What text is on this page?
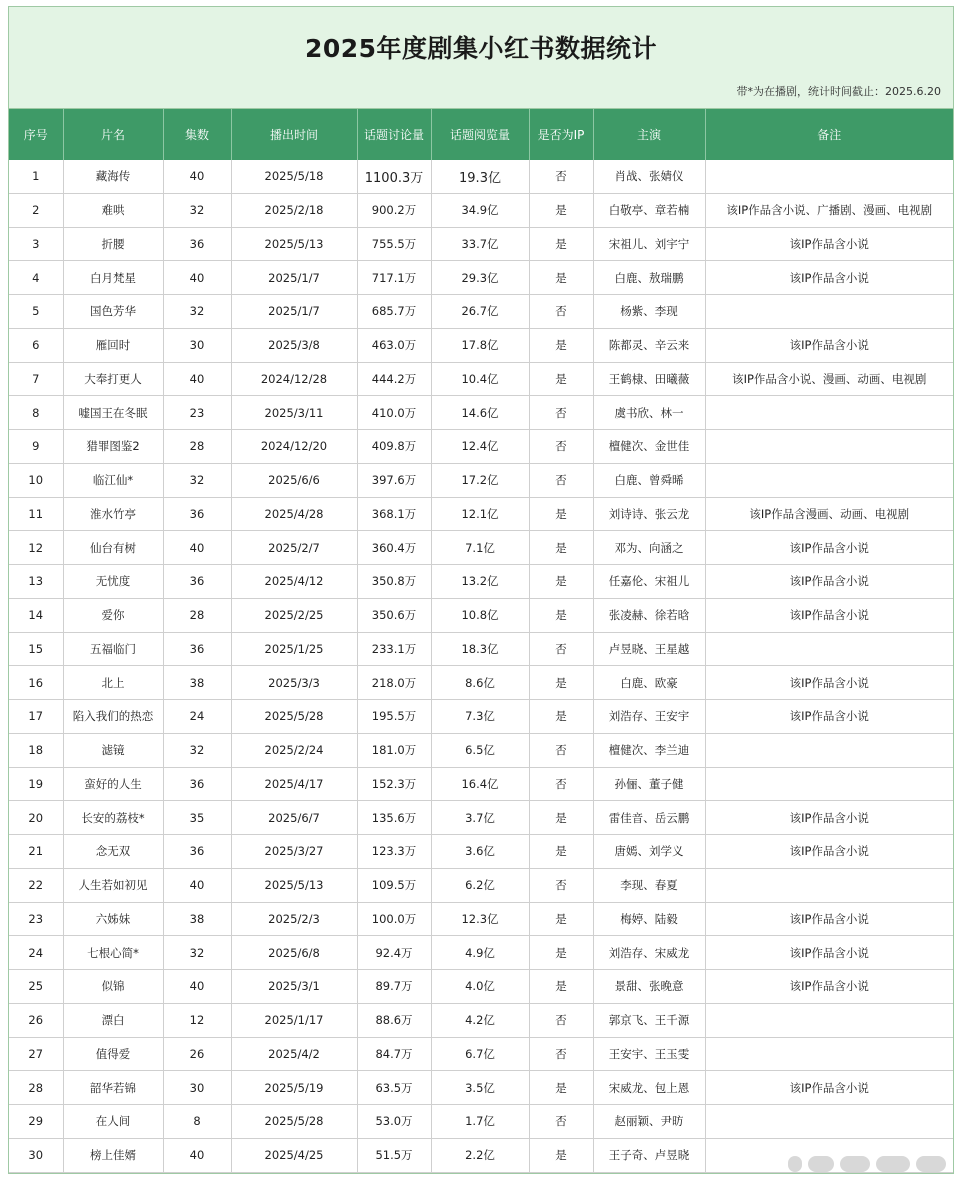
2025年度剧集小红书数据统计
带*为在播剧，统计时间截止：2025.6.20
序号	片名	集数	播出时间	话题讨论量	话题阅览量	是否为IP	主演	备注
1	藏海传	40	2025/5/18	1100.3万	19.3亿	否	肖战、张婧仪	
2	难哄	32	2025/2/18	900.2万	34.9亿	是	白敬亭、章若楠	该IP作品含小说、广播剧、漫画、电视剧
3	折腰	36	2025/5/13	755.5万	33.7亿	是	宋祖儿、刘宇宁	该IP作品含小说
4	白月梵星	40	2025/1/7	717.1万	29.3亿	是	白鹿、敖瑞鹏	该IP作品含小说
5	国色芳华	32	2025/1/7	685.7万	26.7亿	否	杨紫、李现	
6	雁回时	30	2025/3/8	463.0万	17.8亿	是	陈都灵、辛云来	该IP作品含小说
7	大奉打更人	40	2024/12/28	444.2万	10.4亿	是	王鹤棣、田曦薇	该IP作品含小说、漫画、动画、电视剧
8	嘘国王在冬眠	23	2025/3/11	410.0万	14.6亿	否	虞书欣、林一	
9	猎罪图鉴2	28	2024/12/20	409.8万	12.4亿	否	檀健次、金世佳	
10	临江仙*	32	2025/6/6	397.6万	17.2亿	否	白鹿、曾舜晞	
11	淮水竹亭	36	2025/4/28	368.1万	12.1亿	是	刘诗诗、张云龙	该IP作品含漫画、动画、电视剧
12	仙台有树	40	2025/2/7	360.4万	7.1亿	是	邓为、向涵之	该IP作品含小说
13	无忧度	36	2025/4/12	350.8万	13.2亿	是	任嘉伦、宋祖儿	该IP作品含小说
14	爱你	28	2025/2/25	350.6万	10.8亿	是	张凌赫、徐若晗	该IP作品含小说
15	五福临门	36	2025/1/25	233.1万	18.3亿	否	卢昱晓、王星越	
16	北上	38	2025/3/3	218.0万	8.6亿	是	白鹿、欧豪	该IP作品含小说
17	陷入我们的热恋	24	2025/5/28	195.5万	7.3亿	是	刘浩存、王安宇	该IP作品含小说
18	滤镜	32	2025/2/24	181.0万	6.5亿	否	檀健次、李兰迪	
19	蛮好的人生	36	2025/4/17	152.3万	16.4亿	否	孙俪、董子健	
20	长安的荔枝*	35	2025/6/7	135.6万	3.7亿	是	雷佳音、岳云鹏	该IP作品含小说
21	念无双	36	2025/3/27	123.3万	3.6亿	是	唐嫣、刘学义	该IP作品含小说
22	人生若如初见	40	2025/5/13	109.5万	6.2亿	否	李现、春夏	
23	六姊妹	38	2025/2/3	100.0万	12.3亿	是	梅婷、陆毅	该IP作品含小说
24	七根心简*	32	2025/6/8	92.4万	4.9亿	是	刘浩存、宋威龙	该IP作品含小说
25	似锦	40	2025/3/1	89.7万	4.0亿	是	景甜、张晚意	该IP作品含小说
26	漂白	12	2025/1/17	88.6万	4.2亿	否	郭京飞、王千源	
27	值得爱	26	2025/4/2	84.7万	6.7亿	否	王安宇、王玉雯	
28	韶华若锦	30	2025/5/19	63.5万	3.5亿	是	宋威龙、包上恩	该IP作品含小说
29	在人间	8	2025/5/28	53.0万	1.7亿	否	赵丽颖、尹昉	
30	榜上佳婿	40	2025/4/25	51.5万	2.2亿	是	王子奇、卢昱晓	
